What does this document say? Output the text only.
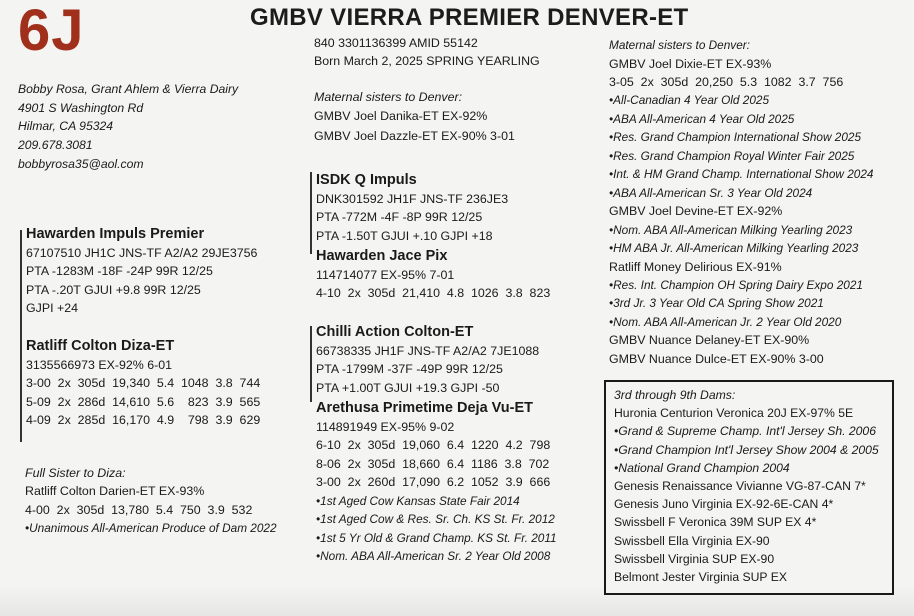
6J	GMBV VIERRA PREMIER DENVER-ET
Bobby Rosa, Grant Ahlem & Vierra Dairy
4901 S Washington Rd
Hilmar, CA 95324
209.678.3081
bobbyrosa35@aol.com
840 3301136399 AMID 55142
Born March 2, 2025 SPRING YEARLING
Hawarden Impuls Premier
67107510 JH1C JNS-TF A2/A2 29JE3756
PTA -1283M -18F -24P 99R 12/25
PTA -.20T GJUI +9.8 99R 12/25
GJPI +24
Ratliff Colton Diza-ET
3135566973 EX-92% 6-01
3-00  2x  305d  19,340  5.4  1048  3.8  744
5-09  2x  286d  14,610  5.6    823  3.9  565
4-09  2x  285d  16,170  4.9    798  3.9  629
Full Sister to Diza:
Ratliff Colton Darien-ET EX-93%
4-00  2x  305d  13,780  5.4  750  3.9  532
•Unanimous All-American Produce of Dam 2022
Maternal sisters to Denver:
GMBV Joel Danika-ET EX-92%
GMBV Joel Dazzle-ET EX-90% 3-01
ISDK Q Impuls
DNK301592 JH1F JNS-TF 236JE3
PTA -772M -4F -8P 99R 12/25
PTA -1.50T GJUI +.10 GJPI +18
Hawarden Jace Pix
114714077 EX-95% 7-01
4-10  2x  305d  21,410  4.8  1026  3.8  823
Chilli Action Colton-ET
66738335 JH1F JNS-TF A2/A2 7JE1088
PTA -1799M -37F -49P 99R 12/25
PTA +1.00T GJUI +19.3 GJPI -50
Arethusa Primetime Deja Vu-ET
114891949 EX-95% 9-02
6-10  2x  305d  19,060  6.4  1220  4.2  798
8-06  2x  305d  18,660  6.4  1186  3.8  702
3-00  2x  260d  17,090  6.2  1052  3.9  666
•1st Aged Cow Kansas State Fair 2014
•1st Aged Cow & Res. Sr. Ch. KS St. Fr. 2012
•1st 5 Yr Old & Grand Champ. KS St. Fr. 2011
•Nom. ABA All-American Sr. 2 Year Old 2008
Maternal sisters to Denver:
GMBV Joel Dixie-ET EX-93%
3-05  2x  305d  20,250  5.3  1082  3.7  756
•All-Canadian 4 Year Old 2025
•ABA All-American 4 Year Old 2025
•Res. Grand Champion International Show 2025
•Res. Grand Champion Royal Winter Fair 2025
•Int. & HM Grand Champ. International Show 2024
•ABA All-American Sr. 3 Year Old 2024
GMBV Joel Devine-ET EX-92%
•Nom. ABA All-American Milking Yearling 2023
•HM ABA Jr. All-American Milking Yearling 2023
Ratliff Money Delirious EX-91%
•Res. Int. Champion OH Spring Dairy Expo 2021
•3rd Jr. 3 Year Old CA Spring Show 2021
•Nom. ABA All-American Jr. 2 Year Old 2020
GMBV Nuance Delaney-ET EX-90%
GMBV Nuance Dulce-ET EX-90% 3-00
3rd through 9th Dams:
Huronia Centurion Veronica 20J EX-97% 5E
•Grand & Supreme Champ. Int'l Jersey Sh. 2006
•Grand Champion Int'l Jersey Show 2004 & 2005
•National Grand Champion 2004
Genesis Renaissance Vivianne VG-87-CAN 7*
Genesis Juno Virginia EX-92-6E-CAN 4*
Swissbell F Veronica 39M SUP EX 4*
Swissbell Ella Virginia EX-90
Swissbell Virginia SUP EX-90
Belmont Jester Virginia SUP EX
